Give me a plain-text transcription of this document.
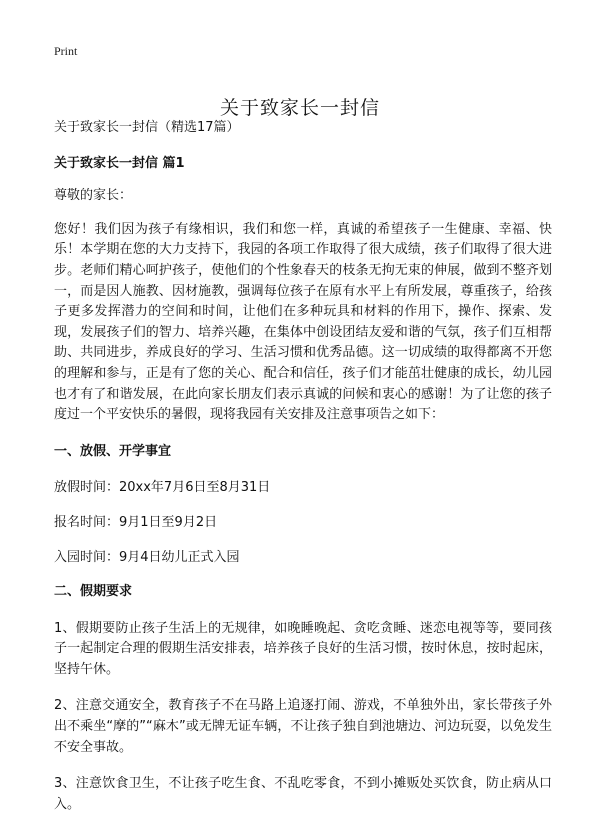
Print
关于致家长一封信

关于致家长一封信（精选17篇）

关于致家长一封信 篇1

尊敬的家长：

您好！我们因为孩子有缘相识，我们和您一样，真诚的希望孩子一生健康、幸福、快乐！本学期在您的大力支持下，我园的各项工作取得了很大成绩，孩子们取得了很大进步。老师们精心呵护孩子，使他们的个性象春天的枝条无拘无束的伸展，做到不整齐划一，而是因人施教、因材施教，强调每位孩子在原有水平上有所发展，尊重孩子，给孩子更多发挥潜力的空间和时间，让他们在多种玩具和材料的作用下，操作、探索、发现，发展孩子们的智力、培养兴趣，在集体中创设团结友爱和谐的气氛，孩子们互相帮助、共同进步，养成良好的学习、生活习惯和优秀品德。这一切成绩的取得都离不开您的理解和参与，正是有了您的关心、配合和信任，孩子们才能茁壮健康的成长，幼儿园也才有了和谐发展，在此向家长朋友们表示真诚的问候和衷心的感谢！为了让您的孩子度过一个平安快乐的暑假，现将我园有关安排及注意事项告之如下：

一、放假、开学事宜

放假时间：20xx年7月6日至8月31日

报名时间：9月1日至9月2日

入园时间：9月4日幼儿正式入园

二、假期要求

1、假期要防止孩子生活上的无规律，如晚睡晚起、贪吃贪睡、迷恋电视等等，要同孩子一起制定合理的假期生活安排表，培养孩子良好的生活习惯，按时休息，按时起床，坚持午休。

2、注意交通安全，教育孩子不在马路上追逐打闹、游戏，不单独外出，家长带孩子外出不乘坐“摩的”“麻木”或无牌无证车辆，不让孩子独自到池塘边、河边玩耍，以免发生不安全事故。

3、注意饮食卫生，不让孩子吃生食、不乱吃零食，不到小摊贩处买饮食，防止病从口入。
